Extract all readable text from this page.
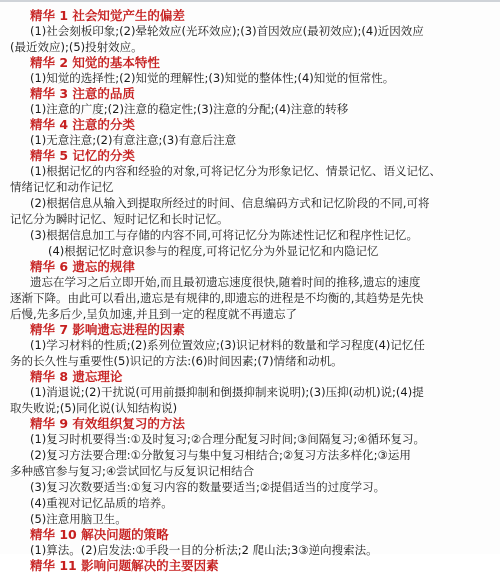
精华 1 社会知觉产生的偏差
(1)社会刻板印象;(2)晕轮效应(光环效应);(3)首因效应(最初效应);(4)近因效应
(最近效应);(5)投射效应。
精华 2 知觉的基本特性
(1)知觉的选择性;(2)知觉的理解性;(3)知觉的整体性;(4)知觉的恒常性。
精华 3 注意的品质
(1)注意的广度;(2)注意的稳定性;(3)注意的分配;(4)注意的转移
精华 4 注意的分类
(1)无意注意;(2)有意注意;(3)有意后注意
精华 5 记忆的分类
(1)根据记忆的内容和经验的对象,可将记忆分为形象记忆、情景记忆、语义记忆、
情绪记忆和动作记忆
(2)根据信息从输入到提取所经过的时间、信息编码方式和记忆阶段的不同,可将
记忆分为瞬时记忆、短时记忆和长时记忆。
(3)根据信息加工与存储的内容不同,可将记忆分为陈述性记忆和程序性记忆。
(4)根据记忆时意识参与的程度,可将记忆分为外显记忆和内隐记忆
精华 6 遗忘的规律
遗忘在学习之后立即开始,而且最初遗忘速度很快,随着时间的推移,遗忘的速度
逐渐下降。由此可以看出,遗忘是有规律的,即遗忘的进程是不均衡的,其趋势是先快
后慢,先多后少,呈负加速,并且到一定的程度就不再遗忘了
精华 7 影响遗忘进程的因素
(1)学习材料的性质;(2)系列位置效应;(3)识记材料的数量和学习程度(4)记忆任
务的长久性与重要性(5)识记的方法:(6)时间因素;(7)情绪和动机。
精华 8 遗忘理论
(1)消退说;(2)干扰说(可用前摄抑制和倒摄抑制来说明);(3)压抑(动机)说;(4)提
取失败说;(5)同化说(认知结构说)
精华 9 有效组织复习的方法
(1)复习时机要得当:①及时复习;②合理分配复习时间;③间隔复习;④循环复习。
(2)复习方法要合理:①分散复习与集中复习相结合;②复习方法多样化;③运用
多种感官参与复习;④尝试回忆与反复识记相结合
(3)复习次数要适当:①复习内容的数量要适当;②提倡适当的过度学习。
(4)重视对记忆品质的培养。
(5)注意用脑卫生。
精华 10 解决问题的策略
(1)算法。(2)启发法:①手段一目的分析法;2 爬山法;3③逆向搜索法。
精华 11 影响问题解决的主要因素
